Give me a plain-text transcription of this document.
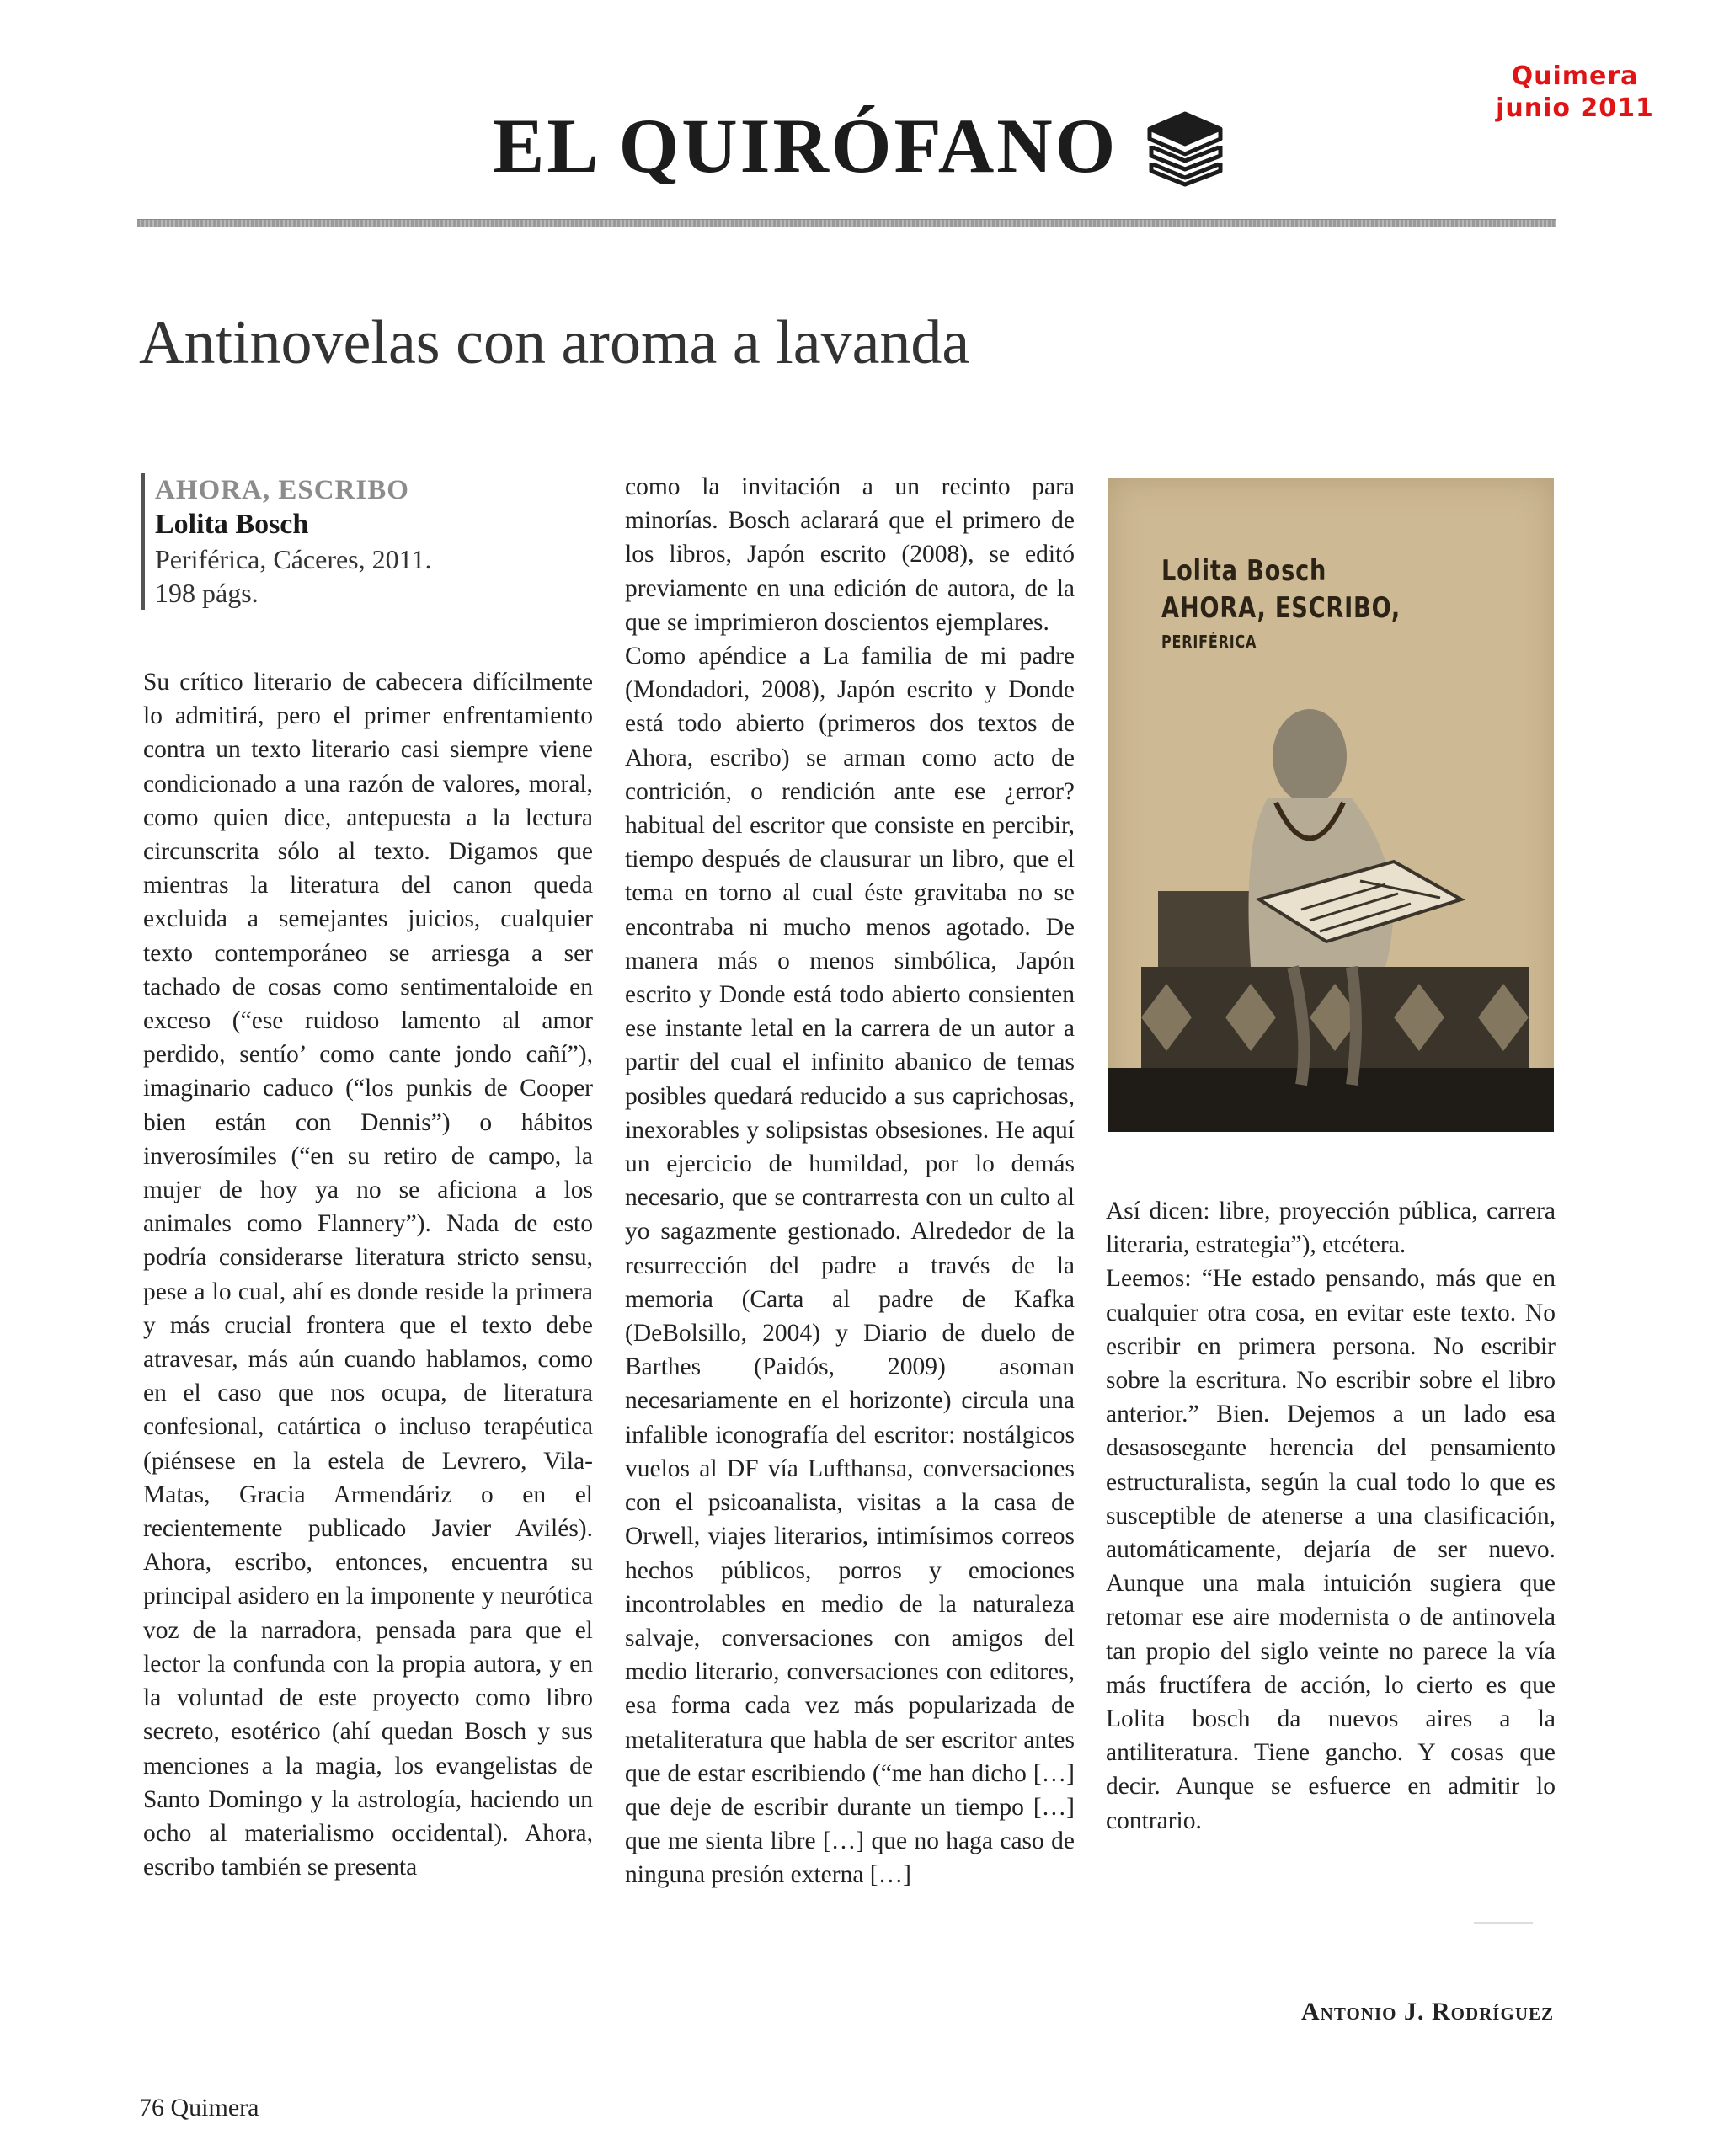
Quimera
junio 2011
EL QUIRÓFANO
Antinovelas con aroma a lavanda
AHORA, ESCRIBO
Lolita Bosch
Periférica, Cáceres, 2011.
198 págs.

Su crítico literario de cabecera difícilmente lo admitirá, pero el primer enfrentamiento contra un texto literario casi siempre viene condicionado a una razón de valores, moral, como quien dice, antepuesta a la lectura circunscrita sólo al texto. Digamos que mientras la literatura del canon queda excluida a semejantes juicios, cualquier texto contemporáneo se arriesga a ser tachado de cosas como sentimentaloide en exceso (“ese ruidoso lamento al amor perdido, sentío’ como cante jondo cañí”), imaginario caduco (“los punkis de Cooper bien están con Dennis”) o hábitos inverosímiles (“en su retiro de campo, la mujer de hoy ya no se aficiona a los animales como Flannery”). Nada de esto podría considerarse literatura stricto sensu, pese a lo cual, ahí es donde reside la primera y más crucial frontera que el texto debe atravesar, más aún cuando hablamos, como en el caso que nos ocupa, de literatura confesional, catártica o incluso terapéutica (piénsese en la estela de Levrero, Vila-Matas, Gracia Armendáriz o en el recientemente publicado Javier Avilés). Ahora, escribo, entonces, encuentra su principal asidero en la imponente y neurótica voz de la narradora, pensada para que el lector la confunda con la propia autora, y en la voluntad de este proyecto como libro secreto, esotérico (ahí quedan Bosch y sus menciones a la magia, los evangelistas de Santo Domingo y la astrología, haciendo un ocho al materialismo occidental). Ahora, escribo también se presenta

como la invitación a un recinto para minorías. Bosch aclarará que el primero de los libros, Japón escrito (2008), se editó previamente en una edición de autora, de la que se imprimieron doscientos ejemplares.

Como apéndice a La familia de mi padre (Mondadori, 2008), Japón escrito y Donde está todo abierto (primeros dos textos de Ahora, escribo) se arman como acto de contrición, o rendición ante ese ¿error? habitual del escritor que consiste en percibir, tiempo después de clausurar un libro, que el tema en torno al cual éste gravitaba no se encontraba ni mucho menos agotado. De manera más o menos simbólica, Japón escrito y Donde está todo abierto consienten ese instante letal en la carrera de un autor a partir del cual el infinito abanico de temas posibles quedará reducido a sus caprichosas, inexorables y solipsistas obsesiones. He aquí un ejercicio de humildad, por lo demás necesario, que se contrarresta con un culto al yo sagazmente gestionado. Alrededor de la resurrección del padre a través de la memoria (Carta al padre de Kafka (DeBolsillo, 2004) y Diario de duelo de Barthes (Paidós, 2009) asoman necesariamente en el horizonte) circula una infalible iconografía del escritor: nostálgicos vuelos al DF vía Lufthansa, conversaciones con el psicoanalista, visitas a la casa de Orwell, viajes literarios, intimísimos correos hechos públicos, porros y emociones incontrolables en medio de la naturaleza salvaje, conversaciones con amigos del medio literario, conversaciones con editores, esa forma cada vez más popularizada de metaliteratura que habla de ser escritor antes que de estar escribiendo (“me han dicho […] que deje de escribir durante un tiempo […] que me sienta libre […] que no haga caso de ninguna presión externa […]

Lolita Bosch
AHORA, ESCRIBO,
PERIFÉRICA

Así dicen: libre, proyección pública, carrera literaria, estrategia”), etcétera.

Leemos: “He estado pensando, más que en cualquier otra cosa, en evitar este texto. No escribir en primera persona. No escribir sobre la escritura. No escribir sobre el libro anterior.” Bien. Dejemos a un lado esa desasosegante herencia del pensamiento estructuralista, según la cual todo lo que es susceptible de atenerse a una clasificación, automáticamente, dejaría de ser nuevo. Aunque una mala intuición sugiera que retomar ese aire modernista o de antinovela tan propio del siglo veinte no parece la vía más fructífera de acción, lo cierto es que Lolita bosch da nuevos aires a la antiliteratura. Tiene gancho. Y cosas que decir. Aunque se esfuerce en admitir lo contrario.

Antonio J. Rodríguez
76 Quimera
